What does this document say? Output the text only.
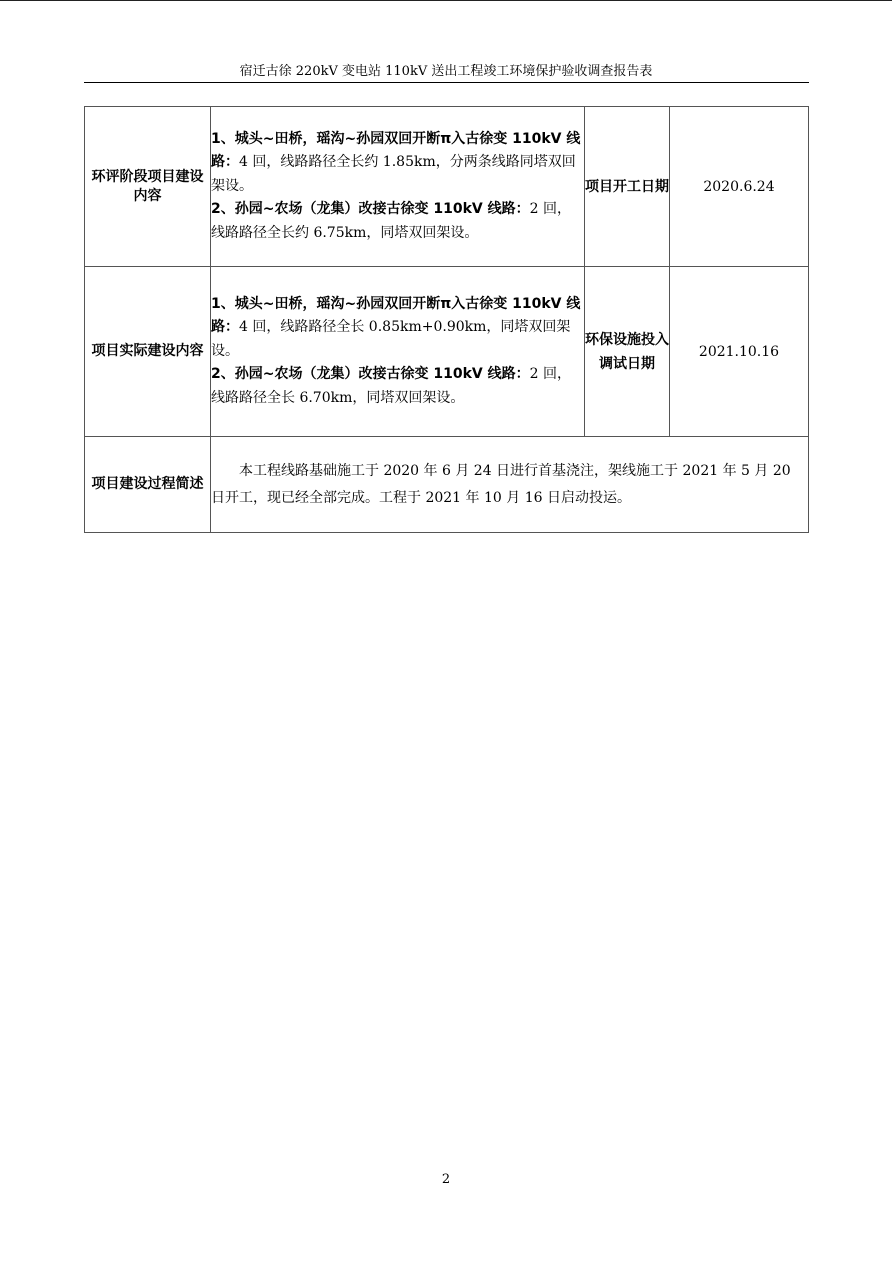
宿迁古徐 220kV 变电站 110kV 送出工程竣工环境保护验收调查报告表
环评阶段项目建设内容	1、城头~田桥，瑶沟~孙园双回开断π入古徐变 110kV 线路：4 回，线路路径全长约 1.85km，分两条线路同塔双回架设。
2、孙园~农场（龙集）改接古徐变 110kV 线路：2 回，线路路径全长约 6.75km，同塔双回架设。	项目开工日期	2020.6.24
项目实际建设内容	1、城头~田桥，瑶沟~孙园双回开断π入古徐变 110kV 线路：4 回，线路路径全长 0.85km+0.90km，同塔双回架设。
2、孙园~农场（龙集）改接古徐变 110kV 线路：2 回，线路路径全长 6.70km，同塔双回架设。	环保设施投入调试日期	2021.10.16
项目建设过程简述	本工程线路基础施工于 2020 年 6 月 24 日进行首基浇注，架线施工于 2021 年 5 月 20 日开工，现已经全部完成。工程于 2021 年 10 月 16 日启动投运。		
2
